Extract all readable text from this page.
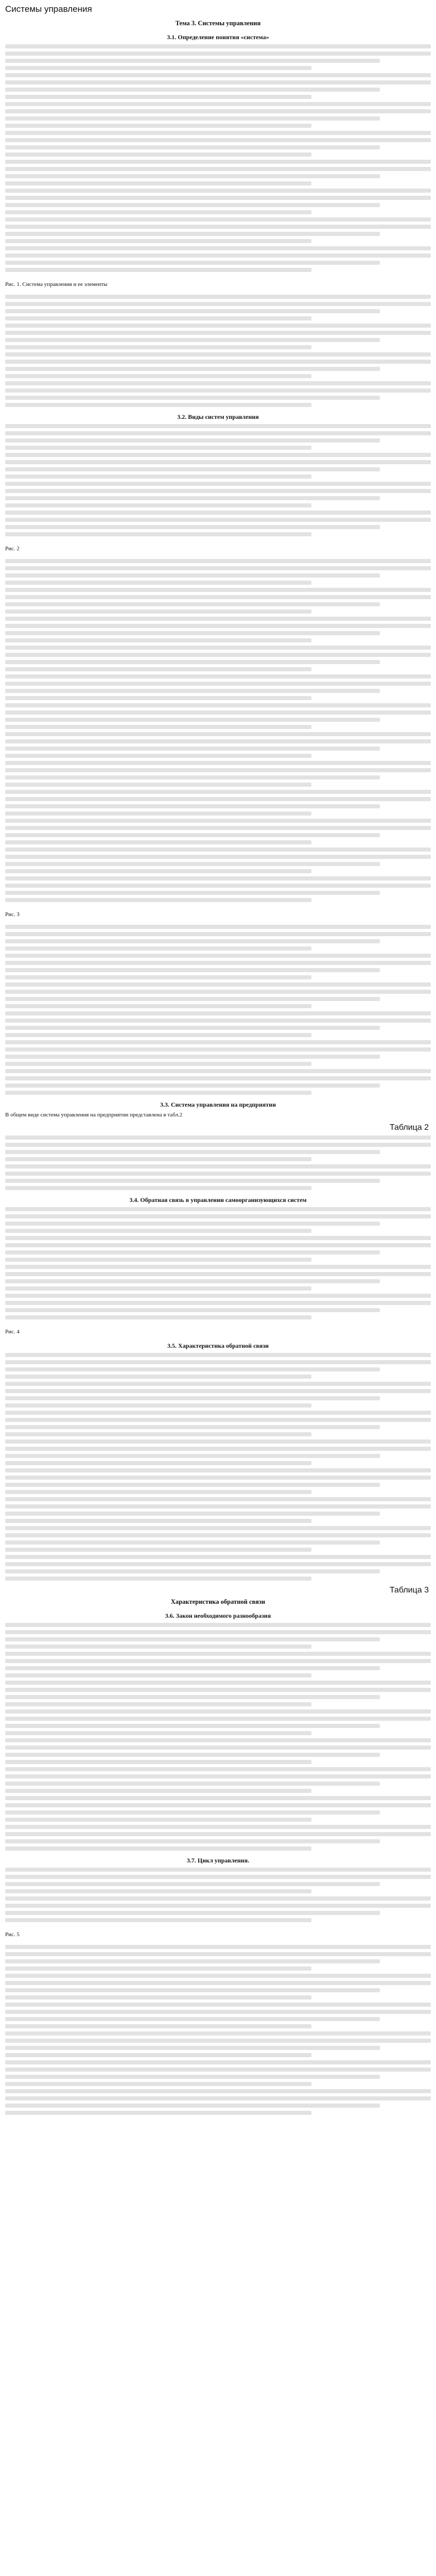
Системы управления
Тема 3. Системы управления
3.1. Определение понятия «система»
Рис. 1. Система управления и ее элементы
3.2. Виды систем управления
Рис. 2
Рис. 3
3.3. Система управления на предприятии
В общем виде система управления на предприятии представлена в табл.2
Таблица 2
3.4. Обратная связь в управлении самоорганизующихся систем
Рис. 4
3.5. Характеристика обратной связи
Таблица 3
Характеристика обратной связи
3.6. Закон необходимого разнообразия
3.7. Цикл управления.
Рис. 5
